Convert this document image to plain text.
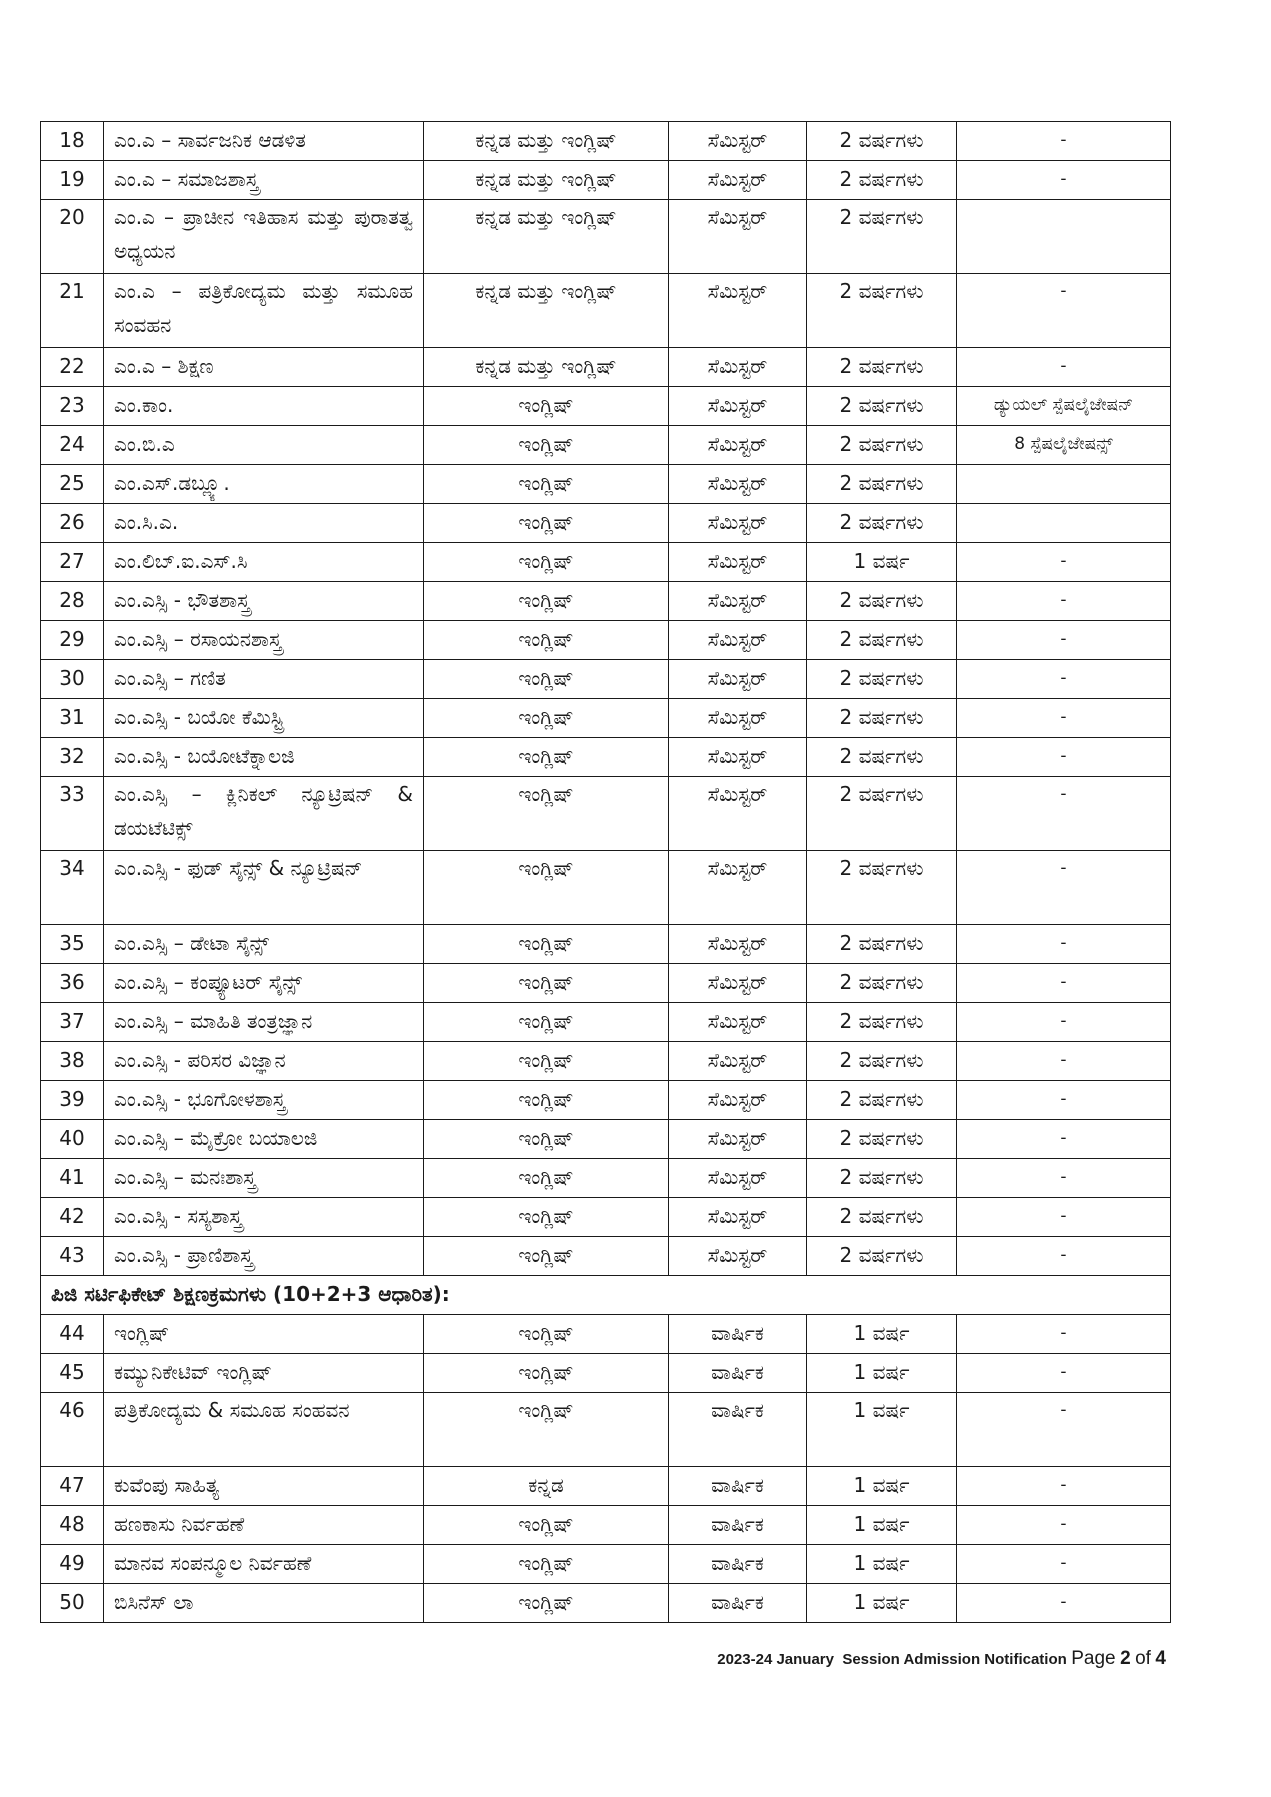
18	ಎಂ.ಎ – ಸಾರ್ವಜನಿಕ ಆಡಳಿತ	ಕನ್ನಡ ಮತ್ತು ಇಂಗ್ಲಿಷ್	ಸೆಮಿಸ್ಟರ್	2 ವರ್ಷಗಳು	-

19	ಎಂ.ಎ – ಸಮಾಜಶಾಸ್ತ್ರ	ಕನ್ನಡ ಮತ್ತು ಇಂಗ್ಲಿಷ್	ಸೆಮಿಸ್ಟರ್	2 ವರ್ಷಗಳು	-

20	ಎಂ.ಎ – ಪ್ರಾಚೀನ ಇತಿಹಾಸ ಮತ್ತು ಪುರಾತತ್ವ ಅಧ್ಯಯನ	ಕನ್ನಡ ಮತ್ತು ಇಂಗ್ಲಿಷ್	ಸೆಮಿಸ್ಟರ್	2 ವರ್ಷಗಳು	

21	ಎಂ.ಎ – ಪತ್ರಿಕೋದ್ಯಮ ಮತ್ತು ಸಮೂಹ ಸಂವಹನ	ಕನ್ನಡ ಮತ್ತು ಇಂಗ್ಲಿಷ್	ಸೆಮಿಸ್ಟರ್	2 ವರ್ಷಗಳು	-

22	ಎಂ.ಎ – ಶಿಕ್ಷಣ	ಕನ್ನಡ ಮತ್ತು ಇಂಗ್ಲಿಷ್	ಸೆಮಿಸ್ಟರ್	2 ವರ್ಷಗಳು	-

23	ಎಂ.ಕಾಂ.	ಇಂಗ್ಲಿಷ್	ಸೆಮಿಸ್ಟರ್	2 ವರ್ಷಗಳು	ಡ್ಯುಯಲ್ ಸ್ಪೆಷಲೈಜೇಷನ್

24	ಎಂ.ಬಿ.ಎ	ಇಂಗ್ಲಿಷ್	ಸೆಮಿಸ್ಟರ್	2 ವರ್ಷಗಳು	8 ಸ್ಪೆಷಲೈಜೇಷನ್ಸ್

25	ಎಂ.ಎಸ್.ಡಬ್ಲ್ಯೂ.	ಇಂಗ್ಲಿಷ್	ಸೆಮಿಸ್ಟರ್	2 ವರ್ಷಗಳು	

26	ಎಂ.ಸಿ.ಎ.	ಇಂಗ್ಲಿಷ್	ಸೆಮಿಸ್ಟರ್	2 ವರ್ಷಗಳು	

27	ಎಂ.ಲಿಬ್.ಐ.ಎಸ್.ಸಿ	ಇಂಗ್ಲಿಷ್	ಸೆಮಿಸ್ಟರ್	1 ವರ್ಷ	-

28	ಎಂ.ಎಸ್ಸಿ - ಭೌತಶಾಸ್ತ್ರ	ಇಂಗ್ಲಿಷ್	ಸೆಮಿಸ್ಟರ್	2 ವರ್ಷಗಳು	-

29	ಎಂ.ಎಸ್ಸಿ – ರಸಾಯನಶಾಸ್ತ್ರ	ಇಂಗ್ಲಿಷ್	ಸೆಮಿಸ್ಟರ್	2 ವರ್ಷಗಳು	-

30	ಎಂ.ಎಸ್ಸಿ – ಗಣಿತ	ಇಂಗ್ಲಿಷ್	ಸೆಮಿಸ್ಟರ್	2 ವರ್ಷಗಳು	-

31	ಎಂ.ಎಸ್ಸಿ - ಬಯೋ ಕೆಮಿಸ್ಟ್ರಿ	ಇಂಗ್ಲಿಷ್	ಸೆಮಿಸ್ಟರ್	2 ವರ್ಷಗಳು	-

32	ಎಂ.ಎಸ್ಸಿ - ಬಯೋಟೆಕ್ನಾಲಜಿ	ಇಂಗ್ಲಿಷ್	ಸೆಮಿಸ್ಟರ್	2 ವರ್ಷಗಳು	-

33	ಎಂ.ಎಸ್ಸಿ – ಕ್ಲಿನಿಕಲ್ ನ್ಯೂಟ್ರಿಷನ್ & ಡಯಟೆಟಿಕ್ಸ್	ಇಂಗ್ಲಿಷ್	ಸೆಮಿಸ್ಟರ್	2 ವರ್ಷಗಳು	-

34	ಎಂ.ಎಸ್ಸಿ - ಫುಡ್ ಸೈನ್ಸ್ & ನ್ಯೂಟ್ರಿಷನ್	ಇಂಗ್ಲಿಷ್	ಸೆಮಿಸ್ಟರ್	2 ವರ್ಷಗಳು	-

35	ಎಂ.ಎಸ್ಸಿ – ಡೇಟಾ ಸೈನ್ಸ್	ಇಂಗ್ಲಿಷ್	ಸೆಮಿಸ್ಟರ್	2 ವರ್ಷಗಳು	-

36	ಎಂ.ಎಸ್ಸಿ – ಕಂಪ್ಯೂಟರ್ ಸೈನ್ಸ್	ಇಂಗ್ಲಿಷ್	ಸೆಮಿಸ್ಟರ್	2 ವರ್ಷಗಳು	-

37	ಎಂ.ಎಸ್ಸಿ – ಮಾಹಿತಿ ತಂತ್ರಜ್ಞಾನ	ಇಂಗ್ಲಿಷ್	ಸೆಮಿಸ್ಟರ್	2 ವರ್ಷಗಳು	-

38	ಎಂ.ಎಸ್ಸಿ - ಪರಿಸರ ವಿಜ್ಞಾನ	ಇಂಗ್ಲಿಷ್	ಸೆಮಿಸ್ಟರ್	2 ವರ್ಷಗಳು	-

39	ಎಂ.ಎಸ್ಸಿ - ಭೂಗೋಳಶಾಸ್ತ್ರ	ಇಂಗ್ಲಿಷ್	ಸೆಮಿಸ್ಟರ್	2 ವರ್ಷಗಳು	-

40	ಎಂ.ಎಸ್ಸಿ – ಮೈಕ್ರೋ ಬಯಾಲಜಿ	ಇಂಗ್ಲಿಷ್	ಸೆಮಿಸ್ಟರ್	2 ವರ್ಷಗಳು	-

41	ಎಂ.ಎಸ್ಸಿ – ಮನಃಶಾಸ್ತ್ರ	ಇಂಗ್ಲಿಷ್	ಸೆಮಿಸ್ಟರ್	2 ವರ್ಷಗಳು	-

42	ಎಂ.ಎಸ್ಸಿ - ಸಸ್ಯಶಾಸ್ತ್ರ	ಇಂಗ್ಲಿಷ್	ಸೆಮಿಸ್ಟರ್	2 ವರ್ಷಗಳು	-

43	ಎಂ.ಎಸ್ಸಿ - ಪ್ರಾಣಿಶಾಸ್ತ್ರ	ಇಂಗ್ಲಿಷ್	ಸೆಮಿಸ್ಟರ್	2 ವರ್ಷಗಳು	-

ಪಿಜಿ ಸರ್ಟಿಫಿಕೇಟ್ ಶಿಕ್ಷಣಕ್ರಮಗಳು (10+2+3 ಆಧಾರಿತ):					

44	ಇಂಗ್ಲಿಷ್	ಇಂಗ್ಲಿಷ್	ವಾರ್ಷಿಕ	1 ವರ್ಷ	-

45	ಕಮ್ಯುನಿಕೇಟಿವ್ ಇಂಗ್ಲಿಷ್	ಇಂಗ್ಲಿಷ್	ವಾರ್ಷಿಕ	1 ವರ್ಷ	-

46	ಪತ್ರಿಕೋದ್ಯಮ & ಸಮೂಹ ಸಂಹವನ	ಇಂಗ್ಲಿಷ್	ವಾರ್ಷಿಕ	1 ವರ್ಷ	-

47	ಕುವೆಂಪು ಸಾಹಿತ್ಯ	ಕನ್ನಡ	ವಾರ್ಷಿಕ	1 ವರ್ಷ	-

48	ಹಣಕಾಸು ನಿರ್ವಹಣೆ	ಇಂಗ್ಲಿಷ್	ವಾರ್ಷಿಕ	1 ವರ್ಷ	-

49	ಮಾನವ ಸಂಪನ್ಮೂಲ ನಿರ್ವಹಣೆ	ಇಂಗ್ಲಿಷ್	ವಾರ್ಷಿಕ	1 ವರ್ಷ	-

50	ಬಿಸಿನೆಸ್ ಲಾ	ಇಂಗ್ಲಿಷ್	ವಾರ್ಷಿಕ	1 ವರ್ಷ	-
2023-24 January  Session Admission Notification Page 2 of 4
